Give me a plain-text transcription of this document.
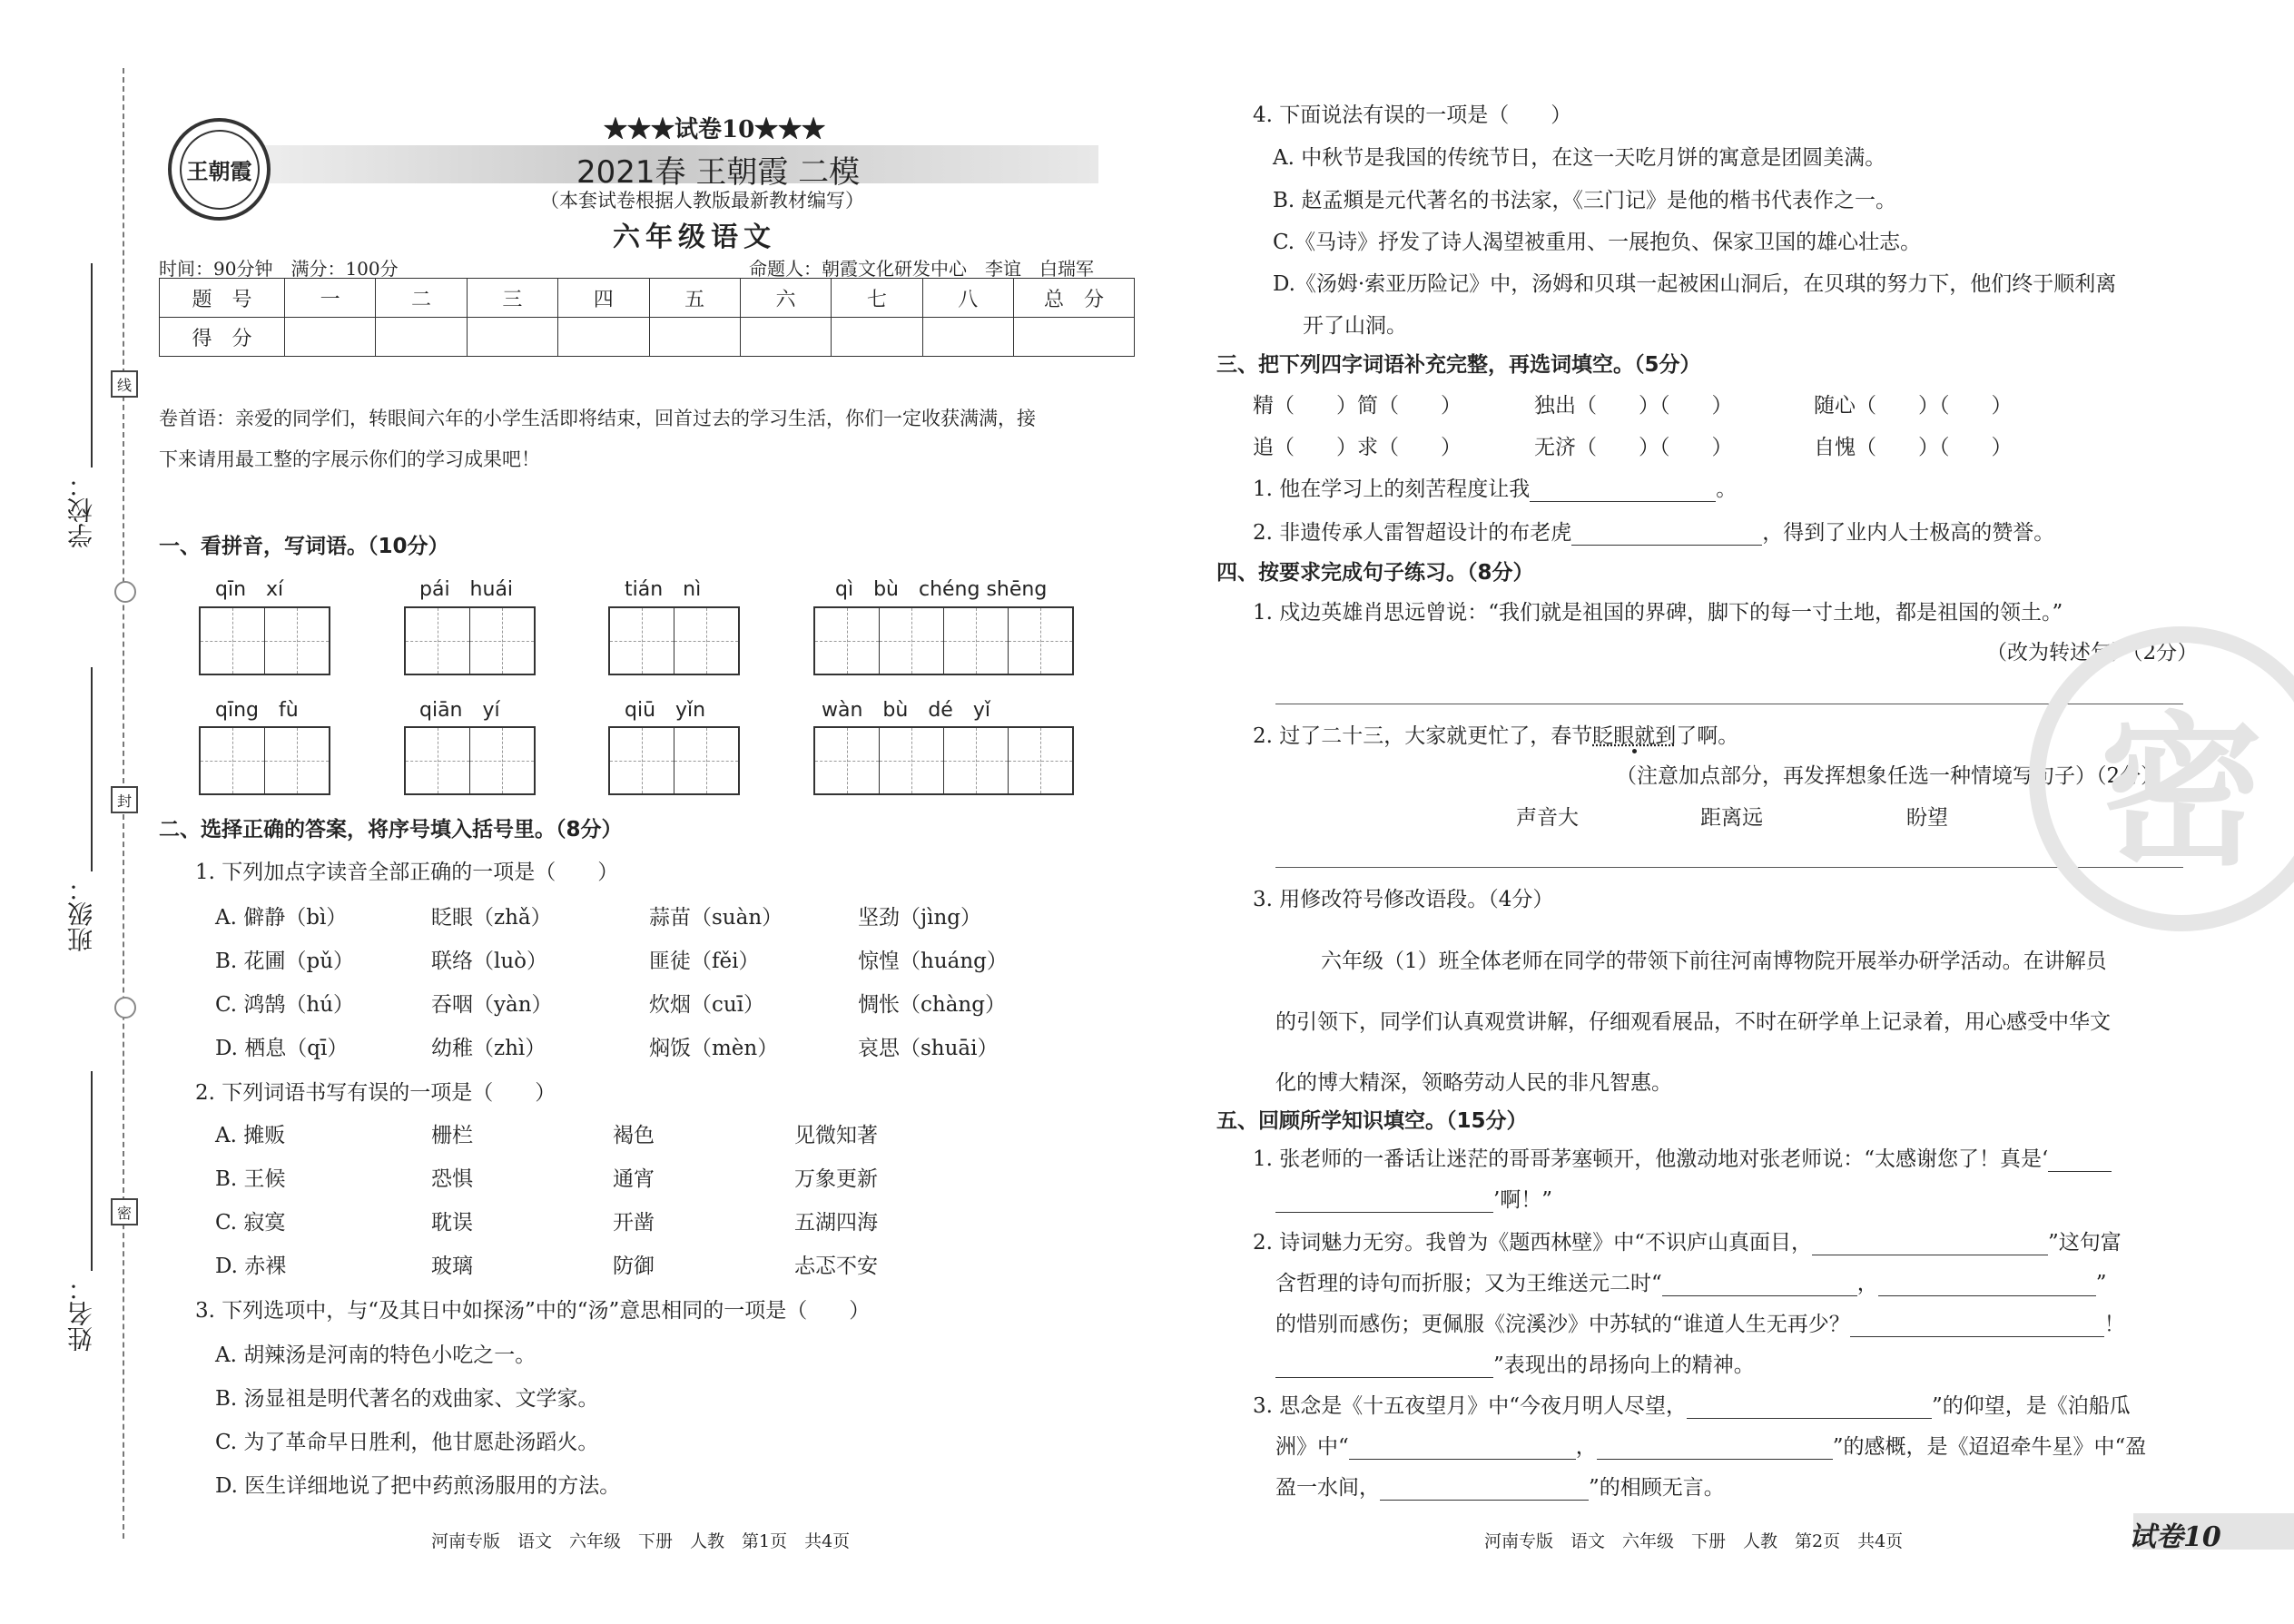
学校：
班级：
姓名：
线
封
密
王朝霞
★★★试卷10★★★
2021春 王朝霞 二模
（本套试卷根据人教版最新教材编写）
六年级语文
时间：90分钟　满分：100分	命题人：朝霞文化研发中心　李谊　白瑞军
题　号	一	二	三	四	五	六	七	八	总　分
得　分									
卷首语：亲爱的同学们，转眼间六年的小学生活即将结束，回首过去的学习生活，你们一定收获满满，接
下来请用最工整的字展示你们的学习成果吧！
一、看拼音，写词语。（10分）
qīn　xí	pái　huái	tián　nì	qì　bù　chéng shēng
qīng　fù	qiān　yí	qiū　yǐn	wàn　bù　dé　yǐ
二、选择正确的答案，将序号填入括号里。（8分）
1. 下列加点字读音全部正确的一项是（　　）
A. 僻静（bì）	眨眼（zhǎ）	蒜苗（suàn）	坚劲（jìng）
B. 花圃（pǔ）	联络（luò）	匪徒（fěi）	惊惶（huáng）
C. 鸿鹄（hú）	吞咽（yàn）	炊烟（cuī）	惆怅（chàng）
D. 栖息（qī）	幼稚（zhì）	焖饭（mèn）	哀思（shuāi）
2. 下列词语书写有误的一项是（　　）
A. 摊贩	栅栏	褐色	见微知著
B. 王候	恐惧	通宵	万象更新
C. 寂寞	耽误	开凿	五湖四海
D. 赤裸	玻璃	防御	忐忑不安
3. 下列选项中，与“及其日中如探汤”中的“汤”意思相同的一项是（　　）
A. 胡辣汤是河南的特色小吃之一。
B. 汤显祖是明代著名的戏曲家、文学家。
C. 为了革命早日胜利，他甘愿赴汤蹈火。
D. 医生详细地说了把中药煎汤服用的方法。
河南专版　语文　六年级　下册　人教　第1页　共4页
4. 下面说法有误的一项是（　　）
A. 中秋节是我国的传统节日，在这一天吃月饼的寓意是团圆美满。
B. 赵孟頫是元代著名的书法家，《三门记》是他的楷书代表作之一。
C.《马诗》抒发了诗人渴望被重用、一展抱负、保家卫国的雄心壮志。
D.《汤姆·索亚历险记》中，汤姆和贝琪一起被困山洞后，在贝琪的努力下，他们终于顺利离
开了山洞。
三、把下列四字词语补充完整，再选词填空。（5分）
精（　　）简（　　）	独出（　　）（　　）	随心（　　）（　　）
追（　　）求（　　）	无济（　　）（　　）	自愧（　　）（　　）
1. 他在学习上的刻苦程度让我	。
2. 非遗传承人雷智超设计的布老虎	，得到了业内人士极高的赞誉。
四、按要求完成句子练习。（8分）
1. 戍边英雄肖思远曾说：“我们就是祖国的界碑，脚下的每一寸土地，都是祖国的领土。”
（改为转述句）（2分）
2. 过了二十三，大家就更忙了，春节眨眼就到了啊。
（注意加点部分，再发挥想象任选一种情境写句子）（2分）
声音大	距离远	盼望
3. 用修改符号修改语段。（4分）
六年级（1）班全体老师在同学的带领下前往河南博物院开展举办研学活动。在讲解员
的引领下，同学们认真观赏讲解，仔细观看展品，不时在研学单上记录着，用心感受中华文
化的博大精深，领略劳动人民的非凡智惠。
五、回顾所学知识填空。（15分）
1. 张老师的一番话让迷茫的哥哥茅塞顿开，他激动地对张老师说：“太感谢您了！真是‘
’啊！”
2. 诗词魅力无穷。我曾为《题西林壁》中“不识庐山真面目，	”这句富
含哲理的诗句而折服；又为王维送元二时“	，	”
的惜别而感伤；更佩服《浣溪沙》中苏轼的“谁道人生无再少？	！
”表现出的昂扬向上的精神。
3. 思念是《十五夜望月》中“今夜月明人尽望，	”的仰望，是《泊船瓜
洲》中“	，	”的感概，是《迢迢牵牛星》中“盈
盈一水间，	”的相顾无言。
河南专版　语文　六年级　下册　人教　第2页　共4页
密
试卷10
